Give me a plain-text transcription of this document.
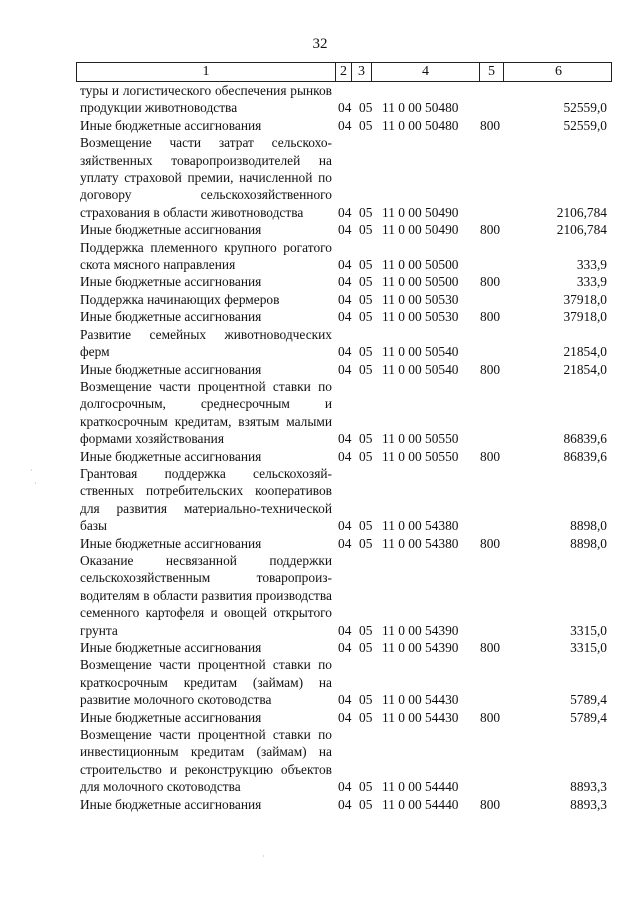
32
1	2 3	4	5	6
туры и логистического обеспечения рынков продукции животноводства	04 05 11 0 00 50480	52559,0
Иные бюджетные ассигнования	04 05 11 0 00 50480 800	52559,0
Возмещение части затрат сельскохозяйственных товаропроизводителей на уплату страховой премии, начисленной по договору сельскохозяйственного страхования в области животноводства	04 05 11 0 00 50490	2106,784
Иные бюджетные ассигнования	04 05 11 0 00 50490 800	2106,784
Поддержка племенного крупного рогатого скота мясного направления	04 05 11 0 00 50500	333,9
Иные бюджетные ассигнования	04 05 11 0 00 50500 800	333,9
Поддержка начинающих фермеров	04 05 11 0 00 50530	37918,0
Иные бюджетные ассигнования	04 05 11 0 00 50530 800	37918,0
Развитие семейных животноводческих ферм	04 05 11 0 00 50540	21854,0
Иные бюджетные ассигнования	04 05 11 0 00 50540 800	21854,0
Возмещение части процентной ставки по долгосрочным, среднесрочным и краткосрочным кредитам, взятым малыми формами хозяйствования	04 05 11 0 00 50550	86839,6
Иные бюджетные ассигнования	04 05 11 0 00 50550 800	86839,6
Грантовая поддержка сельскохозяйственных потребительских кооперативов для развития материально-технической базы	04 05 11 0 00 54380	8898,0
Иные бюджетные ассигнования	04 05 11 0 00 54380 800	8898,0
Оказание несвязанной поддержки сельскохозяйственным товаропроизводителям в области развития производства семенного картофеля и овощей открытого грунта	04 05 11 0 00 54390	3315,0
Иные бюджетные ассигнования	04 05 11 0 00 54390 800	3315,0
Возмещение части процентной ставки по краткосрочным кредитам (займам) на развитие молочного скотоводства	04 05 11 0 00 54430	5789,4
Иные бюджетные ассигнования	04 05 11 0 00 54430 800	5789,4
Возмещение части процентной ставки по инвестиционным кредитам (займам) на строительство и реконструкцию объектов для молочного скотоводства	04 05 11 0 00 54440	8893,3
Иные бюджетные ассигнования	04 05 11 0 00 54440 800	8893,3
·
·
·
